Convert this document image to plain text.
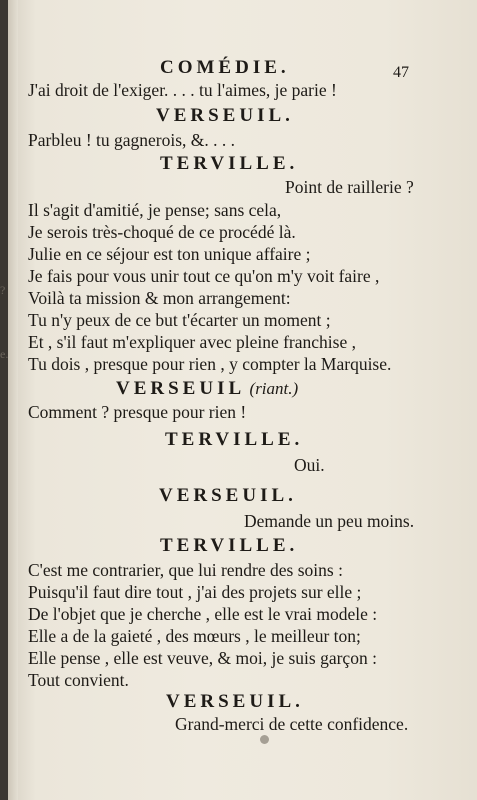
COMÉDIE.	47
J'ai droit de l'exiger. . . . tu l'aimes, je parie !
VERSEUIL.
Parbleu ! tu gagnerois, &. . . .
TERVILLE.
Point de raillerie ?
Il s'agit d'amitié, je pense; sans cela,
Je serois très-choqué de ce procédé là.
Julie en ce séjour est ton unique affaire ;
Je fais pour vous unir tout ce qu'on m'y voit faire ,
Voilà ta mission & mon arrangement:
Tu n'y peux de ce but t'écarter un moment ;
Et , s'il faut m'expliquer avec pleine franchise ,
Tu dois , presque pour rien , y compter la Marquise.
VERSEUIL (riant.)
Comment ? presque pour rien !
TERVILLE.
Oui.
VERSEUIL.
Demande un peu moins.
TERVILLE.
C'est me contrarier, que lui rendre des soins :
Puisqu'il faut dire tout , j'ai des projets sur elle ;
De l'objet que je cherche , elle est le vrai modele :
Elle a de la gaieté , des mœurs , le meilleur ton;
Elle pense , elle est veuve, & moi, je suis garçon :
Tout convient.
VERSEUIL.
Grand-merci de cette confidence.
?
e.
